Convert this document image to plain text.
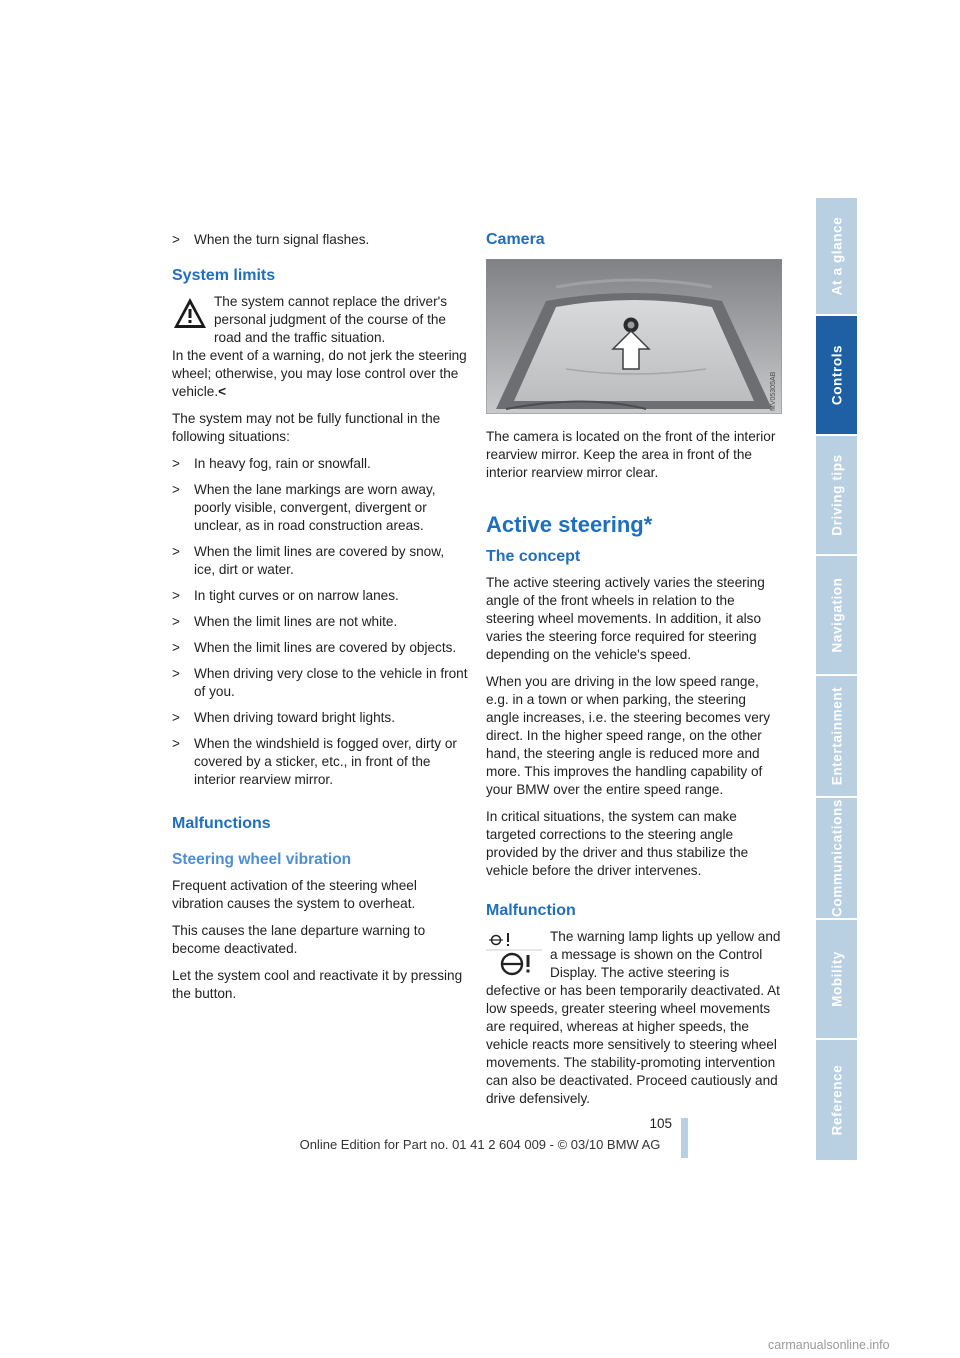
> When the turn signal flashes.
System limits

The system cannot replace the driver's personal judgment of the course of the road and the traffic situation.

In the event of a warning, do not jerk the steering wheel; otherwise, you may lose control over the vehicle.<

The system may not be fully functional in the following situations:

> In heavy fog, rain or snowfall.
> When the lane markings are worn away, poorly visible, convergent, divergent or unclear, as in road construction areas.
> When the limit lines are covered by snow, ice, dirt or water.
> In tight curves or on narrow lanes.
> When the limit lines are not white.
> When the limit lines are covered by objects.
> When driving very close to the vehicle in front of you.
> When driving toward bright lights.
> When the windshield is fogged over, dirty or covered by a sticker, etc., in front of the interior rearview mirror.
Malfunctions
Steering wheel vibration

Frequent activation of the steering wheel vibration causes the system to overheat.

This causes the lane departure warning to become deactivated.

Let the system cool and reactivate it by pressing the button.

Camera
MV05305AB

The camera is located on the front of the interior rearview mirror. Keep the area in front of the interior rearview mirror clear.

Active steering*
The concept

The active steering actively varies the steering angle of the front wheels in relation to the steering wheel movements. In addition, it also varies the steering force required for steering depending on the vehicle's speed.

When you are driving in the low speed range, e.g. in a town or when parking, the steering angle increases, i.e. the steering becomes very direct. In the higher speed range, on the other hand, the steering angle is reduced more and more. This improves the handling capability of your BMW over the entire speed range.

In critical situations, the system can make targeted corrections to the steering angle provided by the driver and thus stabilize the vehicle before the driver intervenes.

Malfunction

The warning lamp lights up yellow and a message is shown on the Control Display. The active steering is defective or has been temporarily deactivated. At low speeds, greater steering wheel movements are required, whereas at higher speeds, the vehicle reacts more sensitively to steering wheel movements. The stability-promoting intervention can also be deactivated. Proceed cautiously and drive defensively.

At a glance
Controls
Driving tips
Navigation
Entertainment
Communications
Mobility
Reference
105
Online Edition for Part no. 01 41 2 604 009 - © 03/10 BMW AG
carmanualsonline.info
